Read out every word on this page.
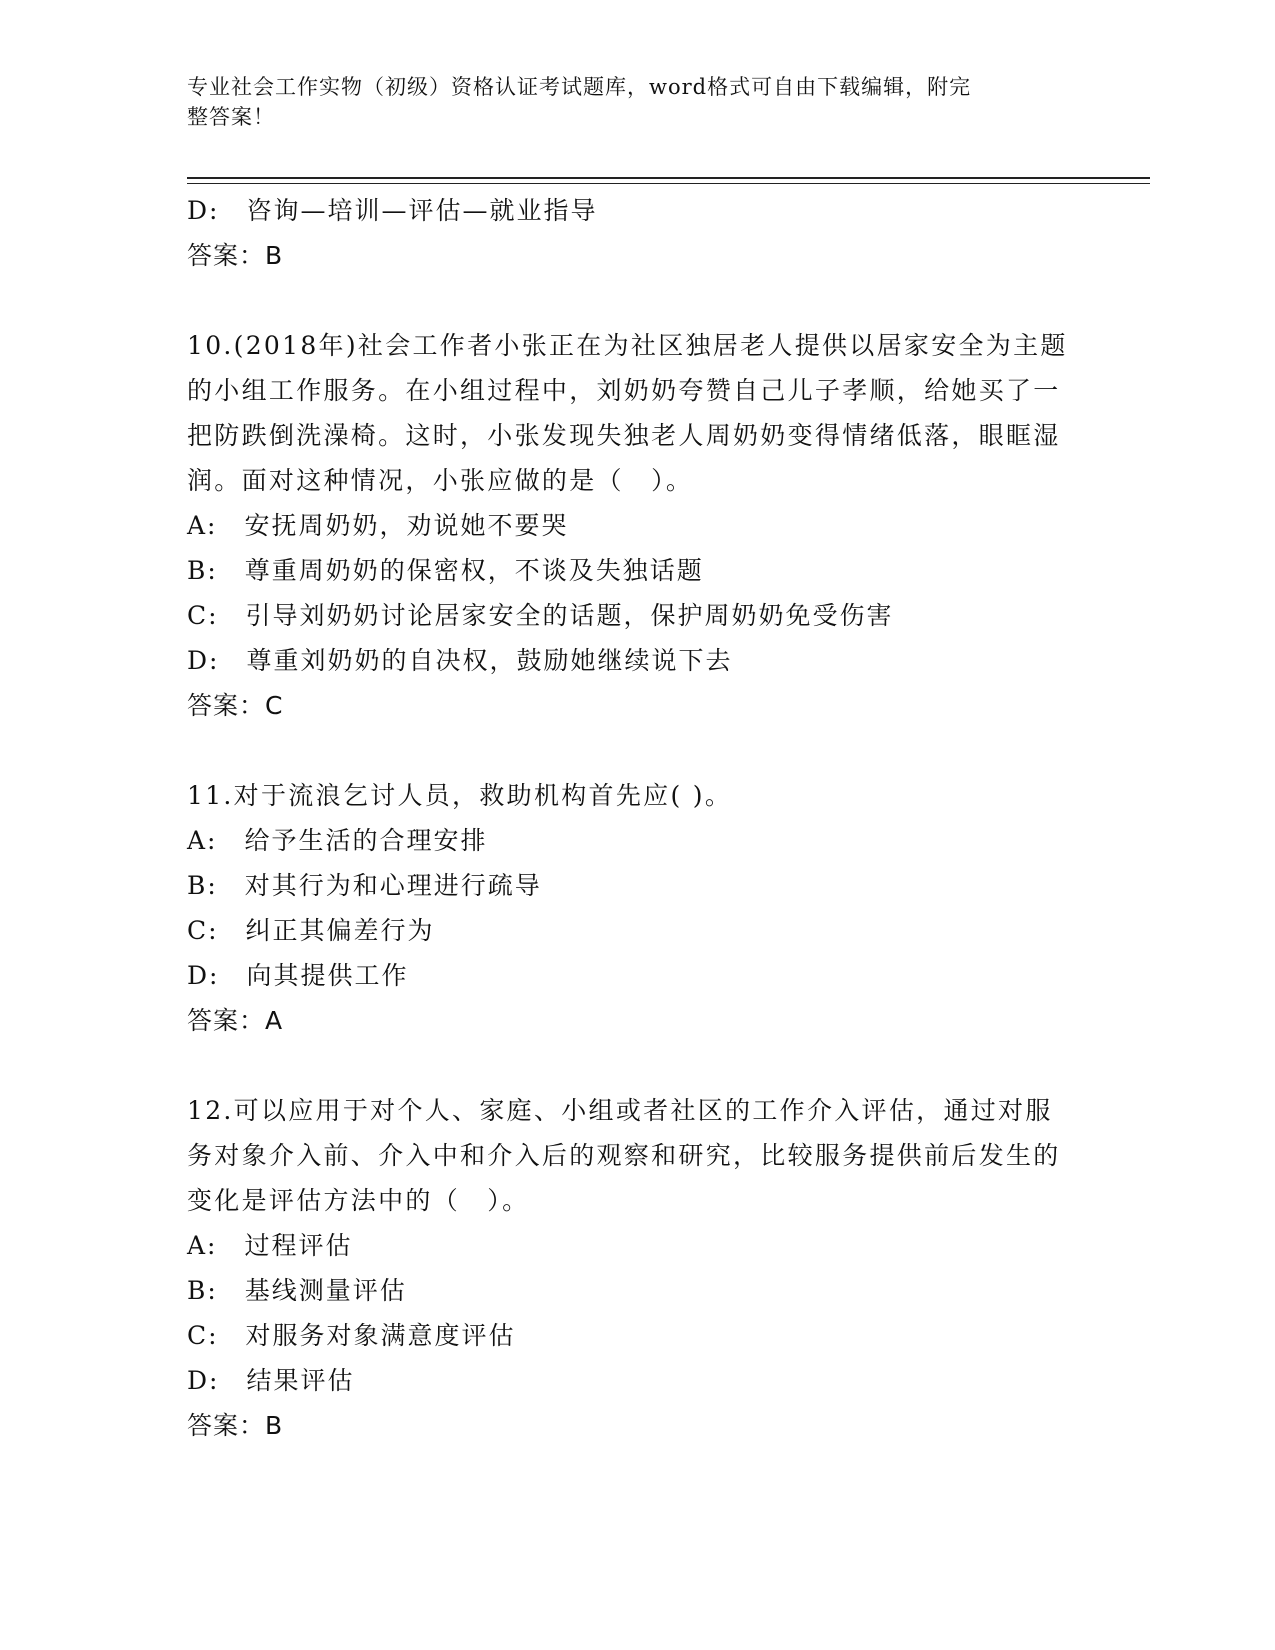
专业社会工作实物（初级）资格认证考试题库，word格式可自由下载编辑，附完
整答案！
D:　咨询—培训—评估—就业指导
答案：B
10.(2018年)社会工作者小张正在为社区独居老人提供以居家安全为主题的小组工作服务。在小组过程中，刘奶奶夸赞自己儿子孝顺，给她买了一把防跌倒洗澡椅。这时，小张发现失独老人周奶奶变得情绪低落，眼眶湿润。面对这种情况，小张应做的是（　）。
A:　安抚周奶奶，劝说她不要哭
B:　尊重周奶奶的保密权，不谈及失独话题
C:　引导刘奶奶讨论居家安全的话题，保护周奶奶免受伤害
D:　尊重刘奶奶的自决权，鼓励她继续说下去
答案：C
11.对于流浪乞讨人员，救助机构首先应( )。
A:　给予生活的合理安排
B:　对其行为和心理进行疏导
C:　纠正其偏差行为
D:　向其提供工作
答案：A
12.可以应用于对个人、家庭、小组或者社区的工作介入评估，通过对服务对象介入前、介入中和介入后的观察和研究，比较服务提供前后发生的变化是评估方法中的（　）。
A:　过程评估
B:　基线测量评估
C:　对服务对象满意度评估
D:　结果评估
答案：B
